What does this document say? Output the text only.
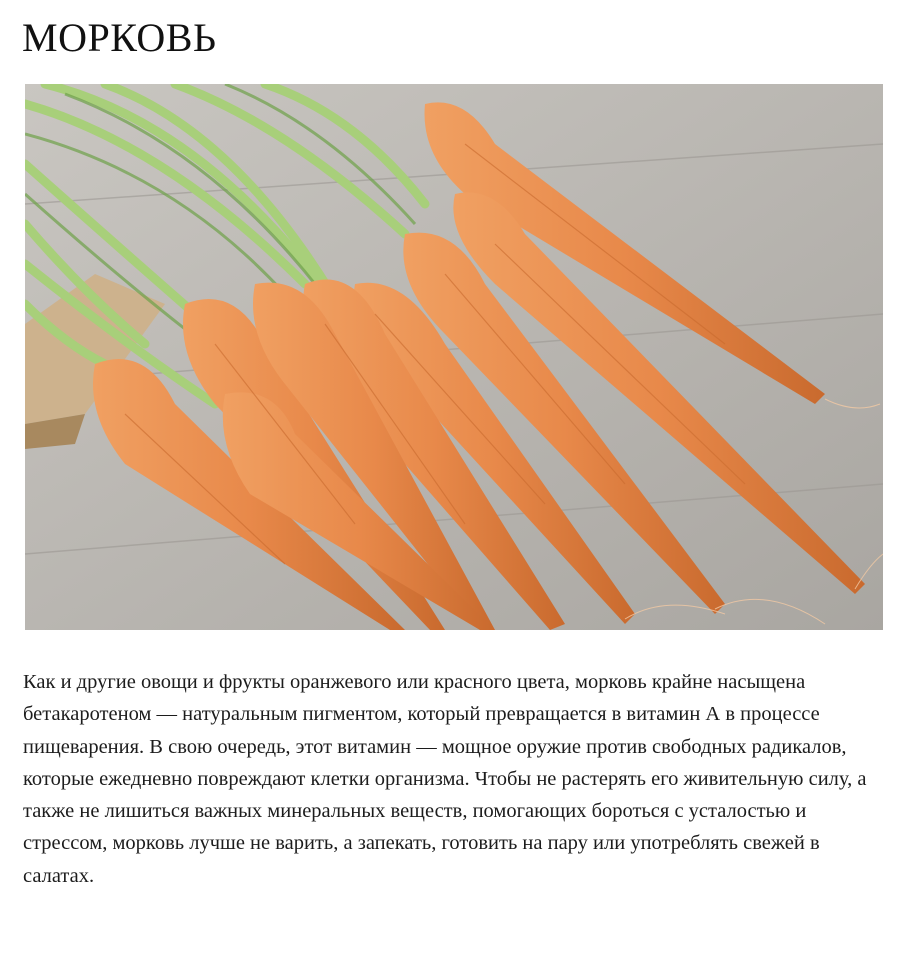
МОРКОВЬ

Как и другие овощи и фрукты оранжевого или красного цвета, морковь крайне насыщена бетакаротеном — натуральным пигментом, который превращается в витамин А в процессе пищеварения. В свою очередь, этот витамин — мощное оружие против свободных радикалов, которые ежедневно повреждают клетки организма. Чтобы не растерять его живительную силу, а также не лишиться важных минеральных веществ, помогающих бороться с усталостью и стрессом, морковь лучше не варить, а запекать, готовить на пару или употреблять свежей в салатах.
